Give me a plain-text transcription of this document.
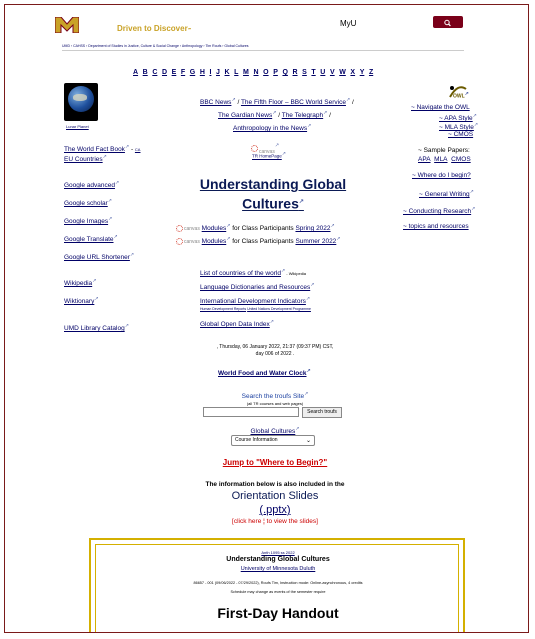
Driven to Discover℠
MyU
UMD › CAHSS › Department of Studies in Justice, Culture & Social Change › Anthropology › Tim Roufs › Global Cultures
A B C D E F G H I J K L M N O P Q R S T U V W X Y Z
Lunar Planet
The World Fact Book↗ - CA
EU Countries↗
Google advanced↗
Google scholar↗
Google Images↗
Google Translate↗
Google URL Shortener↗
Wikipedia↗
Wiktionary↗
UMD Library Catalog↗
BBC News↗ / The Fifth Floor – BBC World Service↗ /
The Gardian News↗ / The Telegraph↗ /
Anthropology in the News↗
canvas↗
TR HomePage↗
Understanding Global Cultures↗
canvas Modules↗ for Class Participants Spring 2022↗
canvas Modules↗ for Class Participants Summer 2022↗
List of countries of the world↗ - Wikipedia
Language Dictionaries and Resources↗
International Development Indicators↗
Human Development Reports United Nations Development Programme
Global Open Data Index↗
, Thursday, 06 January 2022, 21:37 (09:37 PM) CST,
day 006 of 2022 .
World Food and Water Clock↗
Search the troufs Site↗
(all TR courses and web pages)
Search troufs
Global Cultures↗
Course Information	⌄
Jump to "Where to Begin?"
The information below is also included in the
Orientation Slides
(.pptx)
[click here ¦ to view the slides]
OWL↗
~ Navigate the OWL
~ APA Style↗
~ MLA Style↗
~ CMOS
~ Sample Papers:
APA MLA CMOS
~ Where do I begin?
~ General Writing↗
~ Conducting Research↗
~ topics and resources
Anth 1095 ss 2022
Understanding Global Cultures
University of Minnesota Duluth
86657 - 001 (09/06/2022 - 07/29/2022), Roufs Tim, Instruction mode: Online-asynchronous, 4 credits
Schedule may change as events of the semester require
First-Day Handout
